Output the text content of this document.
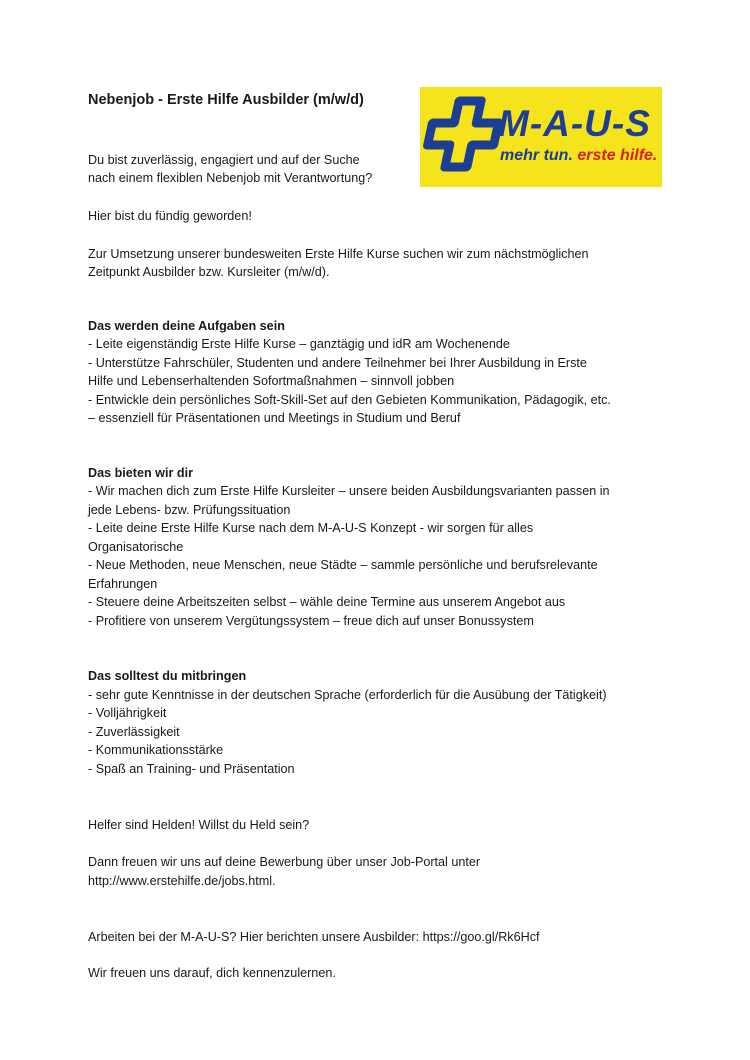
Nebenjob - Erste Hilfe Ausbilder (m/w/d)
M-A-U-S
mehr tun. erste hilfe.
Du bist zuverlässig, engagiert und auf der Suche
nach einem flexiblen Nebenjob mit Verantwortung?
Hier bist du fündig geworden!
Zur Umsetzung unserer bundesweiten Erste Hilfe Kurse suchen wir zum nächstmöglichen
Zeitpunkt Ausbilder bzw. Kursleiter (m/w/d).
Das werden deine Aufgaben sein
- Leite eigenständig Erste Hilfe Kurse – ganztägig und idR am Wochenende
- Unterstütze Fahrschüler, Studenten und andere Teilnehmer bei Ihrer Ausbildung in Erste
Hilfe und Lebenserhaltenden Sofortmaßnahmen – sinnvoll jobben
- Entwickle dein persönliches Soft-Skill-Set auf den Gebieten Kommunikation, Pädagogik, etc.
– essenziell für Präsentationen und Meetings in Studium und Beruf
Das bieten wir dir
- Wir machen dich zum Erste Hilfe Kursleiter – unsere beiden Ausbildungsvarianten passen in
jede Lebens- bzw. Prüfungssituation
- Leite deine Erste Hilfe Kurse nach dem M-A-U-S Konzept - wir sorgen für alles
Organisatorische
- Neue Methoden, neue Menschen, neue Städte – sammle persönliche und berufsrelevante
Erfahrungen
- Steuere deine Arbeitszeiten selbst – wähle deine Termine aus unserem Angebot aus
- Profitiere von unserem Vergütungssystem – freue dich auf unser Bonussystem
Das solltest du mitbringen
- sehr gute Kenntnisse in der deutschen Sprache (erforderlich für die Ausübung der Tätigkeit)
- Volljährigkeit
- Zuverlässigkeit
- Kommunikationsstärke
- Spaß an Training- und Präsentation
Helfer sind Helden! Willst du Held sein?
Dann freuen wir uns auf deine Bewerbung über unser Job-Portal unter
http://www.erstehilfe.de/jobs.html.
Arbeiten bei der M-A-U-S? Hier berichten unsere Ausbilder: https://goo.gl/Rk6Hcf
Wir freuen uns darauf, dich kennenzulernen.
